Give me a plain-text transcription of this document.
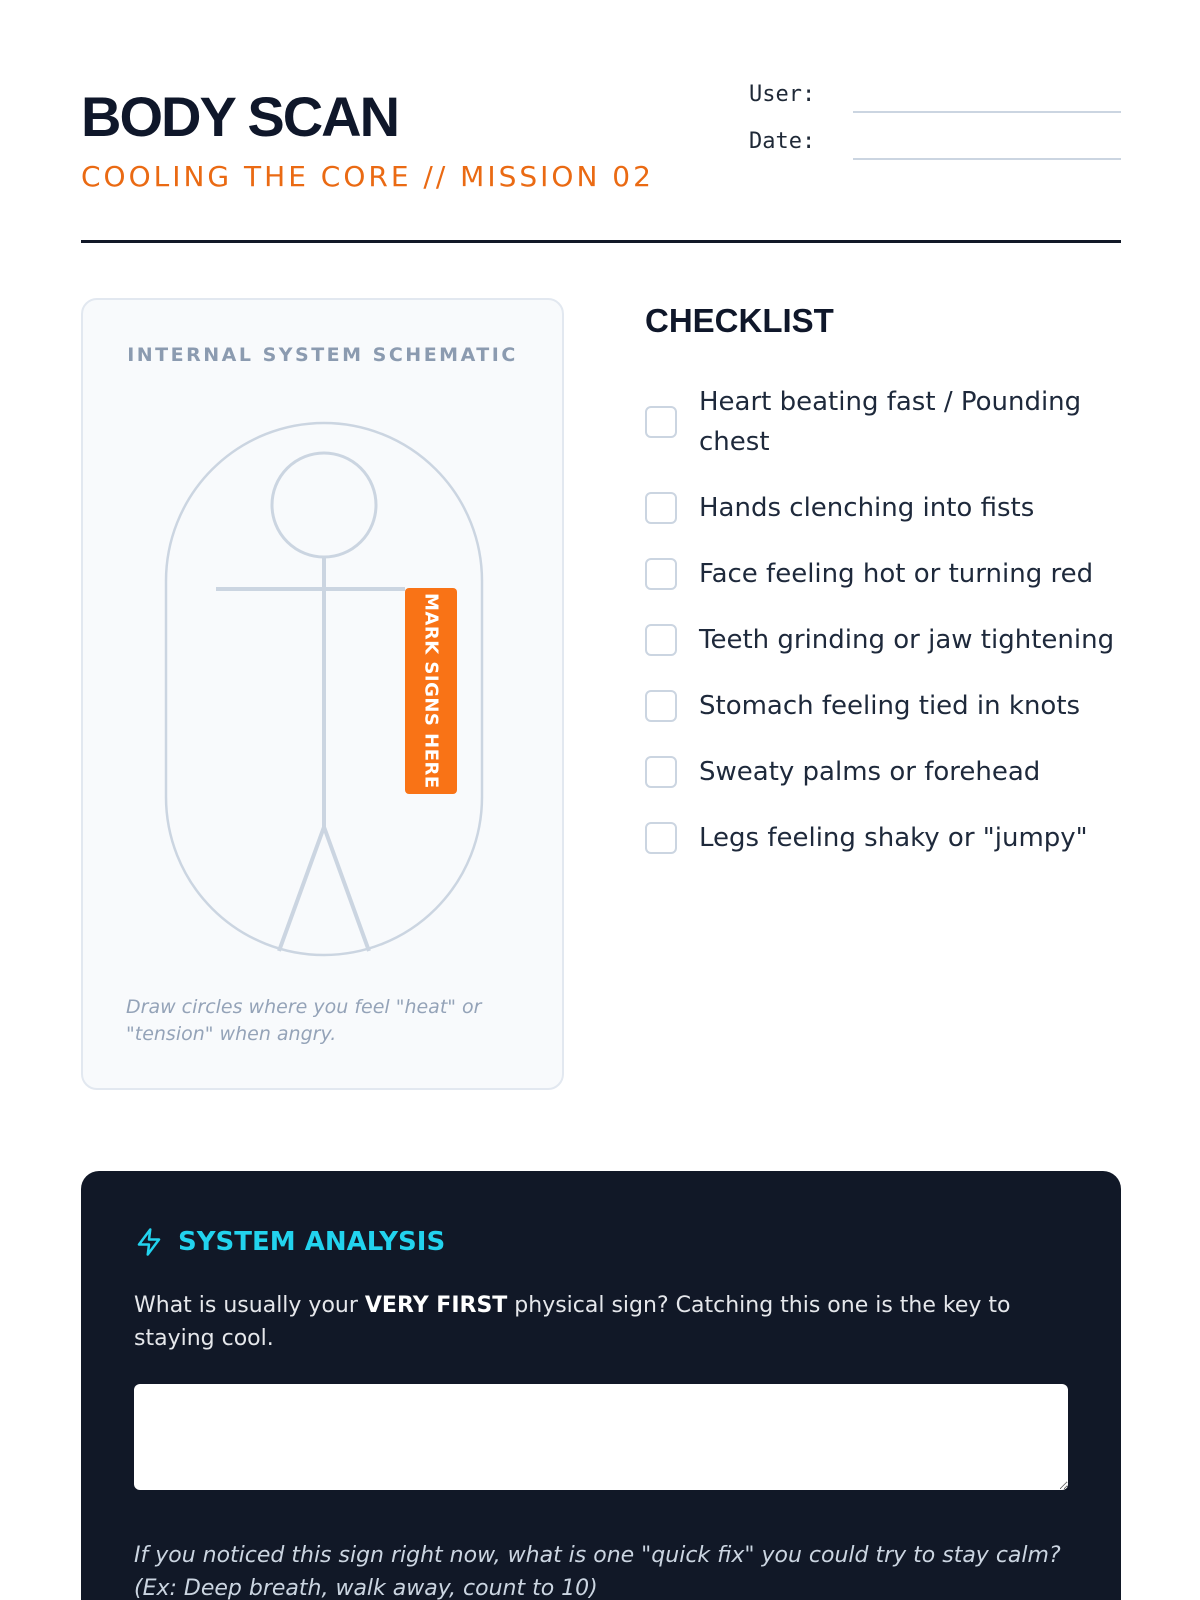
BODY SCAN
COOLING THE CORE // MISSION 02
User:
Date:
INTERNAL SYSTEM SCHEMATIC
MARK SIGNS HERE

Draw circles where you feel "heat" or "tension" when angry.

CHECKLIST
Heart beating fast / Pounding chest
Hands clenching into fists
Face feeling hot or turning red
Teeth grinding or jaw tightening
Stomach feeling tied in knots
Sweaty palms or forehead
Legs feeling shaky or "jumpy"
SYSTEM ANALYSIS

What is usually your VERY FIRST physical sign? Catching this one is the key to staying cool.

If you noticed this sign right now, what is one "quick fix" you could try to stay calm? (Ex: Deep breath, walk away, count to 10)
